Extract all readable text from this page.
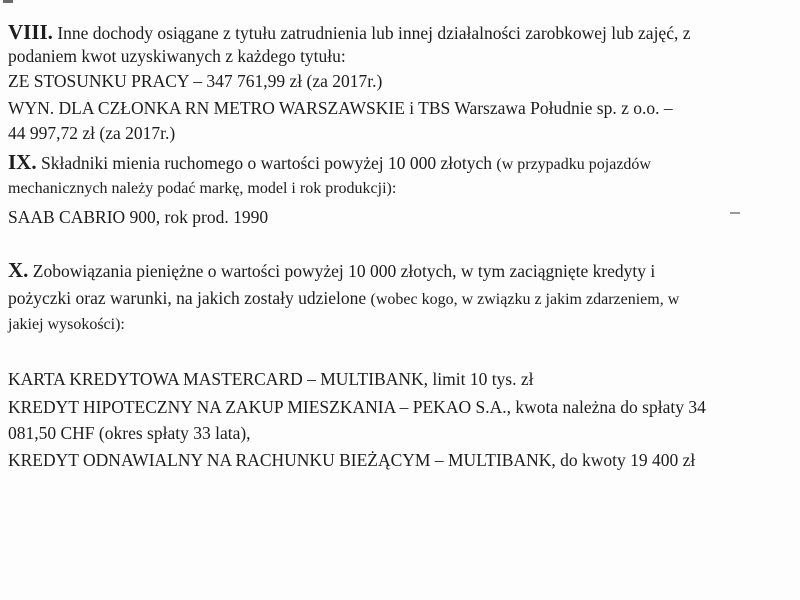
VIII. Inne dochody osiągane z tytułu zatrudnienia lub innej działalności zarobkowej lub zajęć, z
podaniem kwot uzyskiwanych z każdego tytułu:
ZE STOSUNKU PRACY – 347 761,99 zł (za 2017r.)
WYN. DLA CZŁONKA RN METRO WARSZAWSKIE i TBS Warszawa Południe sp. z o.o. –
44 997,72 zł (za 2017r.)
IX. Składniki mienia ruchomego o wartości powyżej 10 000 złotych (w przypadku pojazdów
mechanicznych należy podać markę, model i rok produkcji):
SAAB CABRIO 900, rok prod. 1990
X. Zobowiązania pieniężne o wartości powyżej 10 000 złotych, w tym zaciągnięte kredyty i
pożyczki oraz warunki, na jakich zostały udzielone (wobec kogo, w związku z jakim zdarzeniem, w
jakiej wysokości):
KARTA KREDYTOWA MASTERCARD – MULTIBANK, limit 10 tys. zł
KREDYT HIPOTECZNY NA ZAKUP MIESZKANIA – PEKAO S.A., kwota należna do spłaty 34
081,50 CHF (okres spłaty 33 lata),
KREDYT ODNAWIALNY NA RACHUNKU BIEŻĄCYM – MULTIBANK, do kwoty 19 400 zł
